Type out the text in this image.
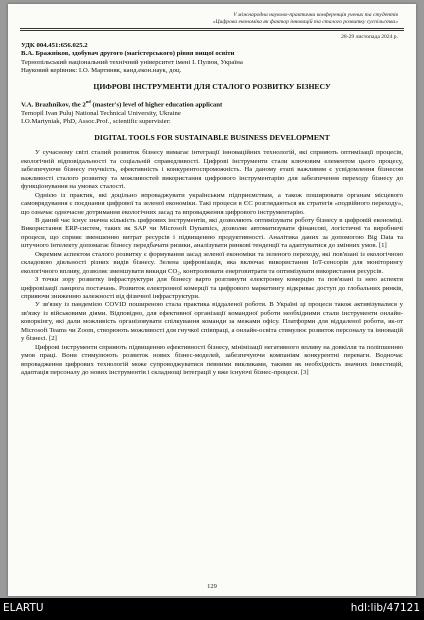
V міжнародна науково-практична конференція учених та студентів
«Цифрова економіка як фактор інновацій та сталого розвитку суспільства»
28-29 листопада 2024 р.

УДК 004.451:656.025.2

В.А. Бражніков, здобувач другого (магістерського) рівня вищої освіти

Тернопільський національний технічний університет імені І. Пулюя, Україна

Науковий керівник: І.О. Мартиняк, канд.екон.наук, доц.

ЦИФРОВІ ІНСТРУМЕНТИ ДЛЯ СТАЛОГО РОЗВИТКУ БІЗНЕСУ

V.A. Brazhnikov, the 2nd (master's) level of higher education applicant

Ternopil Ivan Puluj National Technical University, Ukraine

I.O.Martyniak, PhD, Assoc.Prof., scientific supervisier:

DIGITAL TOOLS FOR SUSTAINABLE BUSINESS DEVELOPMENT

У сучасному світі сталий розвиток бізнесу вимагає інтеграції інноваційних технологій, які сприяють оптимізації процесів, екологічній відповідальності та соціальній справедливості. Цифрові інструменти стали ключовим елементом цього процесу, забезпечуючи бізнесу гнучкість, ефективність і конкурентоспроможність. На даному етапі важливим є усвідомлення бізнесом важливості сталого розвитку та можливостей використання цифрового інструментарію для забезпечення переходу бізнесу до функціонування на умовах сталості.

Однією із практик, які доцільно впроваджувати українським підприємствам, а також поширювати органам місцевого самоврядування є поєднання цифрової та зеленої економіки. Такі процеси в ЄС розглядаються як стратегія «подвійного переходу», що означає одночасне дотримання екологічних засад та впровадження цифрового інструментарію.

В даний час існує значна кількість цифрових інструментів, які дозволяють оптимізувати роботу бізнесу в цифровій економіці. Використання ERP-систем, таких як SAP чи Microsoft Dynamics, дозволяє автоматизувати фінансові, логістичні та виробничі процеси, що сприяє зменшенню витрат ресурсів і підвищенню продуктивності. Аналітика даних за допомогою Big Data та штучного інтелекту допомагає бізнесу передбачати ризики, аналізувати ринкові тенденції та адаптуватися до змінних умов. [1]

Окремим аспектом сталого розвитку є формування засад зеленої економіки та зеленого переходу, які пов'язані із екологічною складовою діяльності різних видів бізнесу. Зелена цифровізація, яка включає використання IoT-сенсорів для моніторингу екологічного впливу, дозволяє зменшувати викиди CO₂, контролювати енерговитрати та оптимізувати використання ресурсів.

З точки зору розвитку інфраструктури для бізнесу варто розглянути електронну комерцію та пов'язані із нею аспекти цифровізації ланцюга постачань. Розвиток електронної комерції та цифрового маркетингу відкриває доступ до глобальних ринків, сприяючи зниженню залежності від фізичної інфраструктури.

У зв'язку із пандемією COVID поширеною стала практика віддаленої роботи. В Україні ці процеси також активізувалися у зв'язку із військовими діями. Відповідно, для ефективної організації командної роботи необхідними стали інструменти онлайн-коворкінгу, які дали можливість організовувати спілкування команди за межами офісу. Платформи для віддаленої роботи, як-от Microsoft Teams чи Zoom, створюють можливості для гнучкої співпраці, а онлайн-освіта стимулює розвиток персоналу та інновацій у бізнесі. [2]

Цифрові інструменти сприяють підвищенню ефективності бізнесу, мінімізації негативного впливу на довкілля та поліпшенню умов праці. Вони стимулюють розвиток нових бізнес-моделей, забезпечуючи компаніям конкурентні переваги. Водночас впровадження цифрових технологій може супроводжуватися певними викликами, такими як необхідність значних інвестицій, адаптація персоналу до нових інструментів і складнощі інтеграції у вже існуючі бізнес-процеси. [3]

129
ELARTU	hdl:lib/47121
